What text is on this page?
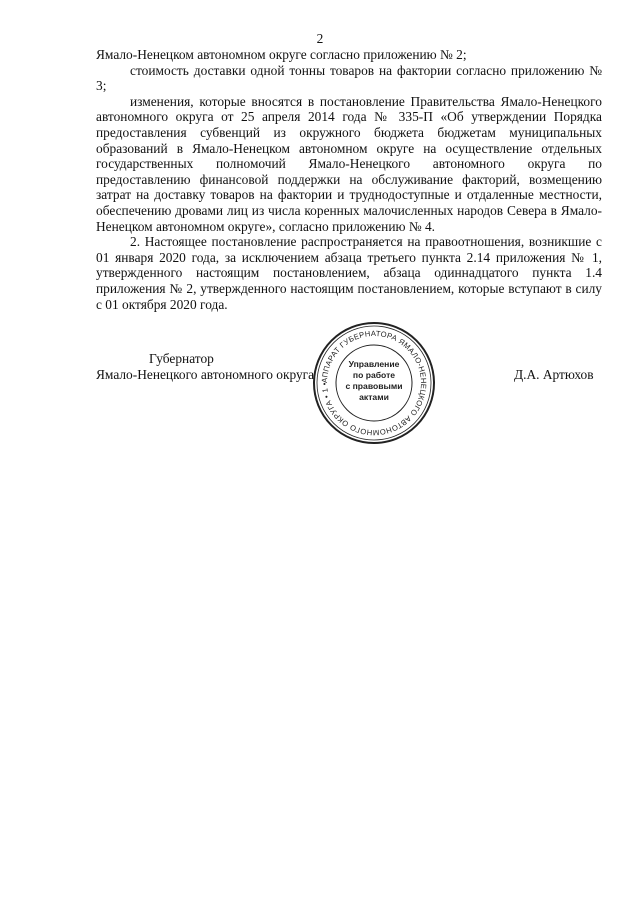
2

Ямало-Ненецком автономном округе согласно приложению № 2;

стоимость доставки одной тонны товаров на фактории согласно приложению № 3;

изменения, которые вносятся в постановление Правительства Ямало-Ненецкого автономного округа от 25 апреля 2014 года № 335-П «Об утверждении Порядка предоставления субвенций из окружного бюджета бюджетам муниципальных образований в Ямало-Ненецком автономном округе на осуществление отдельных государственных полномочий Ямало-Ненецкого автономного округа по предоставлению финансовой поддержки на обслуживание факторий, возмещению затрат на доставку товаров на фактории и труднодоступные и отдаленные местности, обеспечению дровами лиц из числа коренных малочисленных народов Севера в Ямало-Ненецком автономном округе», согласно приложению № 4.

2. Настоящее постановление распространяется на правоотношения, возникшие с 01 января 2020 года, за исключением абзаца третьего пункта 2.14 приложения № 1, утвержденного настоящим постановлением, абзаца одиннадцатого пункта 1.4 приложения № 2, утвержденного настоящим постановлением, которые вступают в силу с 01 октября 2020 года.

Губернатор
Ямало-Ненецкого автономного округа	Д.А. Артюхов
АППАРАТ ГУБЕРНАТОРА ЯМАЛО-НЕНЕЦКОГО АВТОНОМНОГО ОКРУГА • 1 •
Управление
по работе
с правовыми
актами
